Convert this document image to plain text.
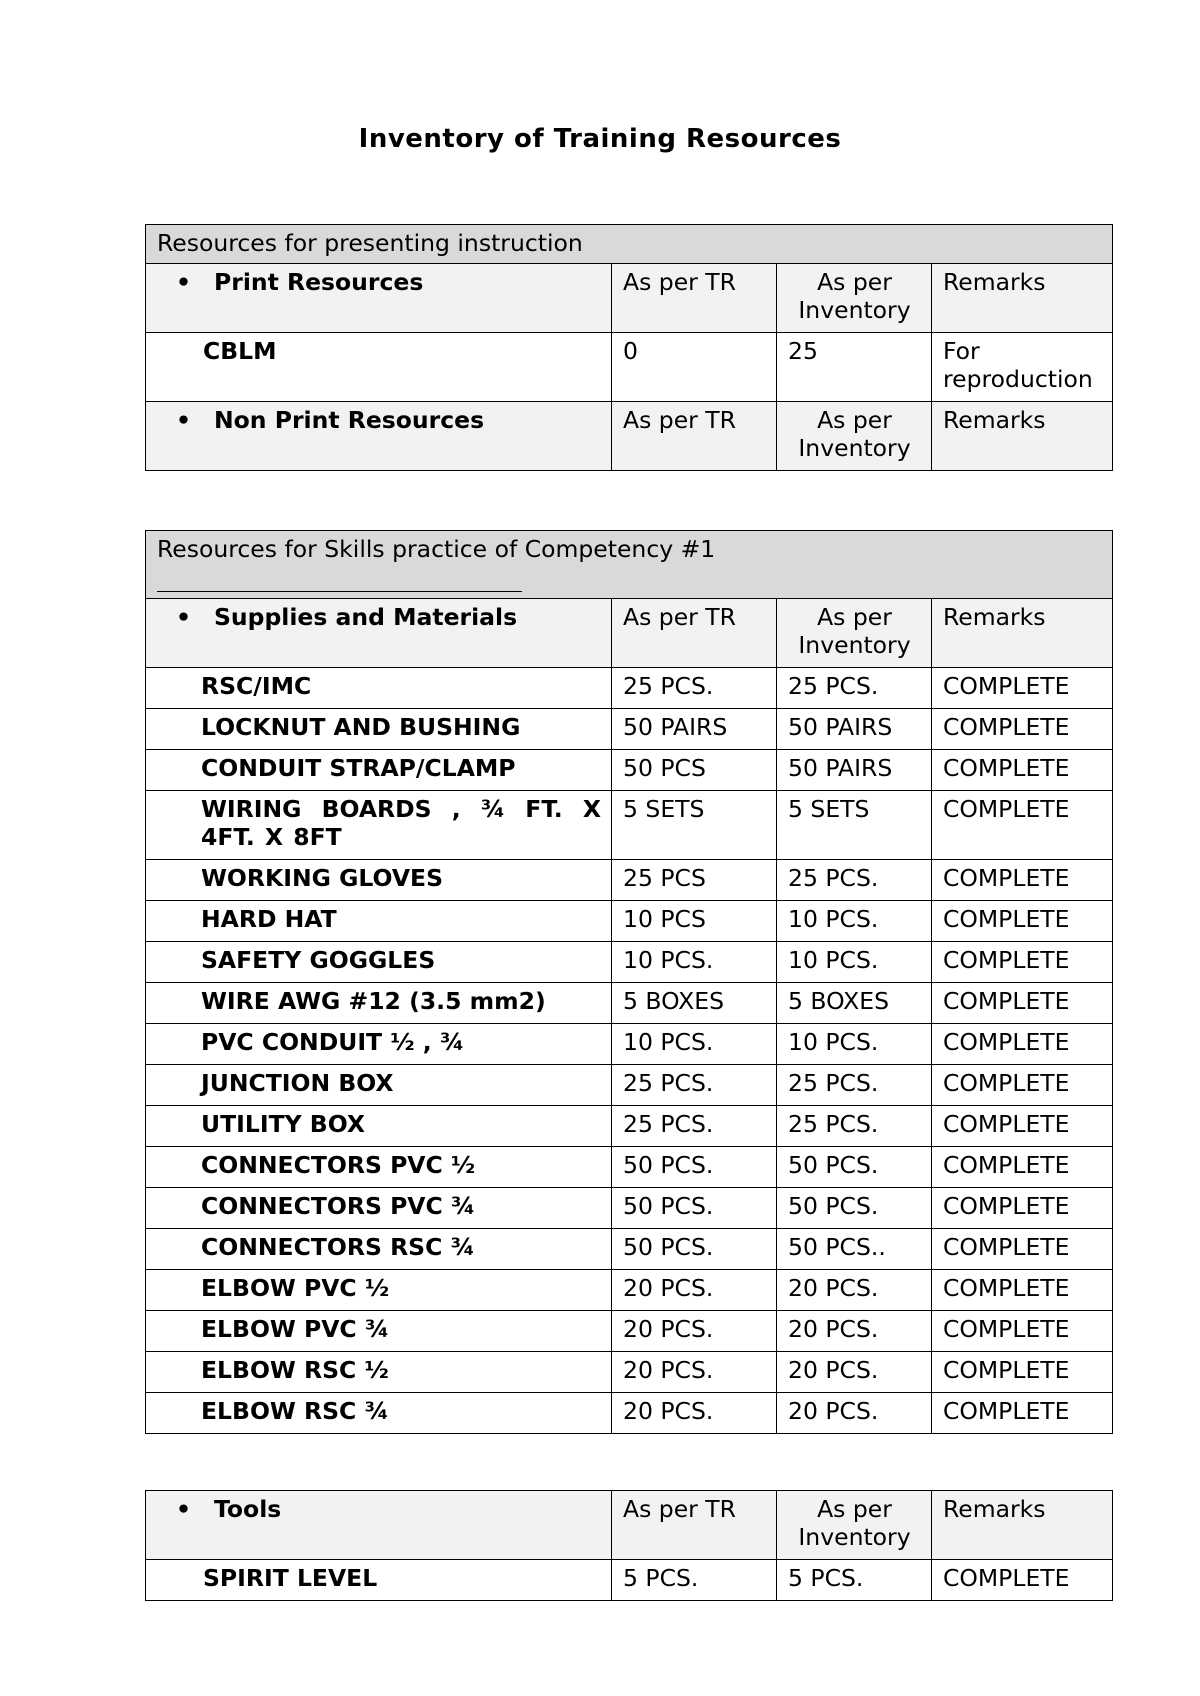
Inventory of Training Resources
Resources for presenting instruction			
• Print Resources	As per TR	As per Inventory	Remarks
CBLM	0	25	For reproduction
• Non Print Resources	As per TR	As per Inventory	Remarks
Resources for Skills practice of Competency #1			

• Supplies and Materials	As per TR	As per Inventory	Remarks
RSC/IMC	25 PCS.	25 PCS.	COMPLETE
LOCKNUT AND BUSHING	50 PAIRS	50 PAIRS	COMPLETE
CONDUIT STRAP/CLAMP	50 PCS	50 PAIRS	COMPLETE
WIRING BOARDS , ¾ FT. X 4FT. X 8FT	5 SETS	5 SETS	COMPLETE
WORKING GLOVES	25 PCS	25 PCS.	COMPLETE
HARD HAT	10 PCS	10 PCS.	COMPLETE
SAFETY GOGGLES	10 PCS.	10 PCS.	COMPLETE
WIRE AWG #12 (3.5 mm2)	5 BOXES	5 BOXES	COMPLETE
PVC CONDUIT ½ , ¾	10 PCS.	10 PCS.	COMPLETE
JUNCTION BOX	25 PCS.	25 PCS.	COMPLETE
UTILITY BOX	25 PCS.	25 PCS.	COMPLETE
CONNECTORS PVC ½	50 PCS.	50 PCS.	COMPLETE
CONNECTORS PVC ¾	50 PCS.	50 PCS.	COMPLETE
CONNECTORS RSC ¾	50 PCS.	50 PCS..	COMPLETE
ELBOW PVC ½	20 PCS.	20 PCS.	COMPLETE
ELBOW PVC ¾	20 PCS.	20 PCS.	COMPLETE
ELBOW RSC ½	20 PCS.	20 PCS.	COMPLETE
ELBOW RSC ¾	20 PCS.	20 PCS.	COMPLETE
• Tools	As per TR	As per Inventory	Remarks
SPIRIT LEVEL	5 PCS.	5 PCS.	COMPLETE
